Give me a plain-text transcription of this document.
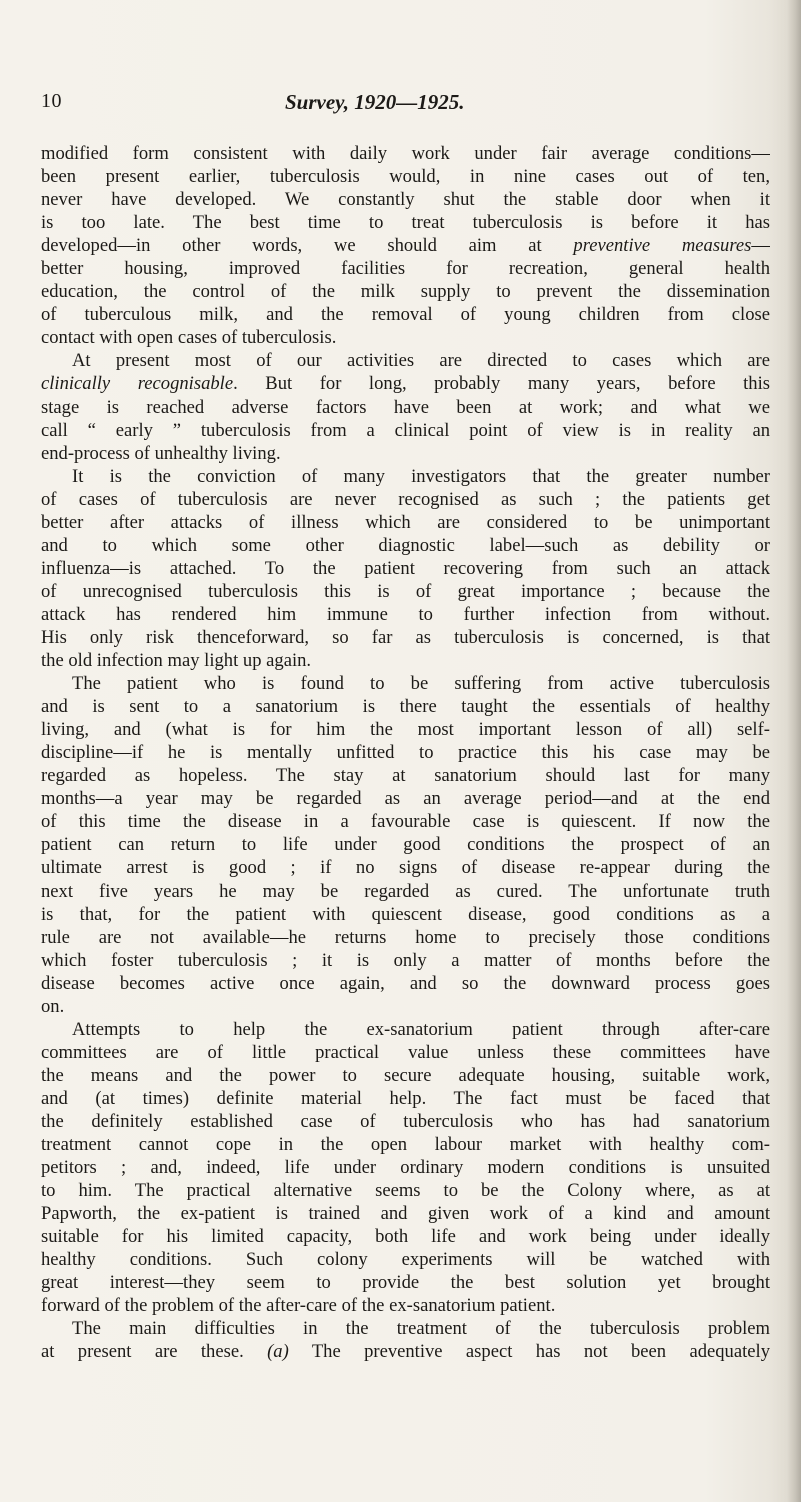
10	Survey, 1920—1925.
modified form consistent with daily work under fair average conditions—
been present earlier, tuberculosis would, in nine cases out of ten,
never have developed. We constantly shut the stable door when it
is too late. The best time to treat tuberculosis is before it has
developed—in other words, we should aim at preventive measures—
better housing, improved facilities for recreation, general health
education, the control of the milk supply to prevent the dissemination
of tuberculous milk, and the removal of young children from close
contact with open cases of tuberculosis.
At present most of our activities are directed to cases which are
clinically recognisable. But for long, probably many years, before this
stage is reached adverse factors have been at work; and what we
call “ early ” tuberculosis from a clinical point of view is in reality an
end-process of unhealthy living.
It is the conviction of many investigators that the greater number
of cases of tuberculosis are never recognised as such ; the patients get
better after attacks of illness which are considered to be unimportant
and to which some other diagnostic label—such as debility or
influenza—is attached. To the patient recovering from such an attack
of unrecognised tuberculosis this is of great importance ; because the
attack has rendered him immune to further infection from without.
His only risk thenceforward, so far as tuberculosis is concerned, is that
the old infection may light up again.
The patient who is found to be suffering from active tuberculosis
and is sent to a sanatorium is there taught the essentials of healthy
living, and (what is for him the most important lesson of all) self-
discipline—if he is mentally unfitted to practice this his case may be
regarded as hopeless. The stay at sanatorium should last for many
months—a year may be regarded as an average period—and at the end
of this time the disease in a favourable case is quiescent. If now the
patient can return to life under good conditions the prospect of an
ultimate arrest is good ; if no signs of disease re-appear during the
next five years he may be regarded as cured. The unfortunate truth
is that, for the patient with quiescent disease, good conditions as a
rule are not available—he returns home to precisely those conditions
which foster tuberculosis ; it is only a matter of months before the
disease becomes active once again, and so the downward process goes
on.
Attempts to help the ex-sanatorium patient through after-care
committees are of little practical value unless these committees have
the means and the power to secure adequate housing, suitable work,
and (at times) definite material help. The fact must be faced that
the definitely established case of tuberculosis who has had sanatorium
treatment cannot cope in the open labour market with healthy com-
petitors ; and, indeed, life under ordinary modern conditions is unsuited
to him. The practical alternative seems to be the Colony where, as at
Papworth, the ex-patient is trained and given work of a kind and amount
suitable for his limited capacity, both life and work being under ideally
healthy conditions. Such colony experiments will be watched with
great interest—they seem to provide the best solution yet brought
forward of the problem of the after-care of the ex-sanatorium patient.
The main difficulties in the treatment of the tuberculosis problem
at present are these. (a) The preventive aspect has not been adequately
